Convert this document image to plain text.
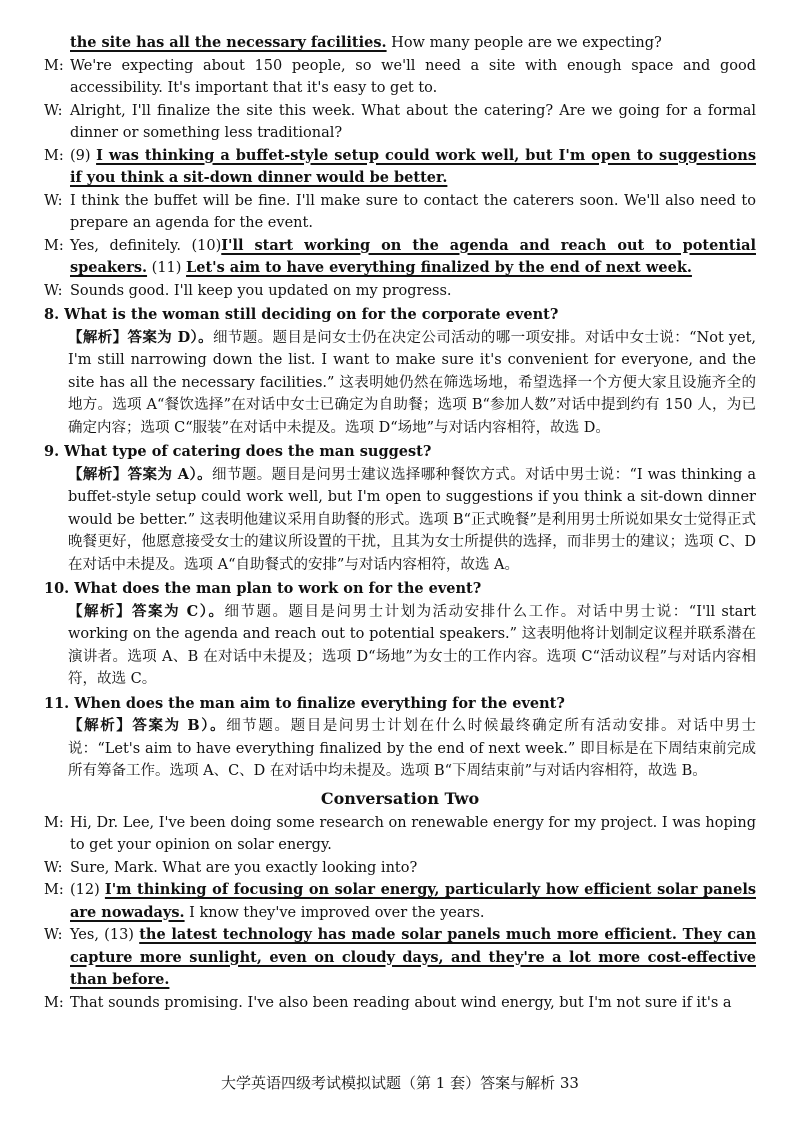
the site has all the necessary facilities. How many people are we expecting?
M: We're expecting about 150 people, so we'll need a site with enough space and good accessibility. It's important that it's easy to get to.
W: Alright, I'll finalize the site this week. What about the catering? Are we going for a formal dinner or something less traditional?
M: (9) I was thinking a buffet-style setup could work well, but I'm open to suggestions if you think a sit-down dinner would be better.
W: I think the buffet will be fine. I'll make sure to contact the caterers soon. We'll also need to prepare an agenda for the event.
M: Yes, definitely. (10)I'll start working on the agenda and reach out to potential speakers. (11) Let's aim to have everything finalized by the end of next week.
W: Sounds good. I'll keep you updated on my progress.
8. What is the woman still deciding on for the corporate event?
【解析】答案为 D）。细节题。题目是问女士仍在决定公司活动的哪一项安排。对话中女士说：“Not yet, I'm still narrowing down the list. I want to make sure it's convenient for everyone, and the site has all the necessary facilities.” 这表明她仍然在筛选场地，希望选择一个方便大家且设施齐全的地方。选项 A“餐饮选择”在对话中女士已确定为自助餐；选项 B“参加人数”对话中提到约有 150 人，为已确定内容；选项 C“服装”在对话中未提及。选项 D“场地”与对话内容相符，故选 D。
9. What type of catering does the man suggest?
【解析】答案为 A）。细节题。题目是问男士建议选择哪种餐饮方式。对话中男士说：“I was thinking a buffet-style setup could work well, but I'm open to suggestions if you think a sit-down dinner would be better.” 这表明他建议采用自助餐的形式。选项 B“正式晚餐”是利用男士所说如果女士觉得正式晚餐更好，他愿意接受女士的建议所设置的干扰，且其为女士所提供的选择，而非男士的建议；选项 C、D 在对话中未提及。选项 A“自助餐式的安排”与对话内容相符，故选 A。
10. What does the man plan to work on for the event?
【解析】答案为 C）。细节题。题目是问男士计划为活动安排什么工作。对话中男士说：“I'll start working on the agenda and reach out to potential speakers.” 这表明他将计划制定议程并联系潜在演讲者。选项 A、B 在对话中未提及；选项 D“场地”为女士的工作内容。选项 C“活动议程”与对话内容相符，故选 C。
11. When does the man aim to finalize everything for the event?
【解析】答案为 B）。细节题。题目是问男士计划在什么时候最终确定所有活动安排。对话中男士说：“Let's aim to have everything finalized by the end of next week.” 即目标是在下周结束前完成所有筹备工作。选项 A、C、D 在对话中均未提及。选项 B“下周结束前”与对话内容相符，故选 B。
Conversation Two
M: Hi, Dr. Lee, I've been doing some research on renewable energy for my project. I was hoping to get your opinion on solar energy.
W: Sure, Mark. What are you exactly looking into?
M: (12) I'm thinking of focusing on solar energy, particularly how efficient solar panels are nowadays. I know they've improved over the years.
W: Yes, (13) the latest technology has made solar panels much more efficient. They can capture more sunlight, even on cloudy days, and they're a lot more cost-effective than before.
M: That sounds promising. I've also been reading about wind energy, but I'm not sure if it's a
大学英语四级考试模拟试题（第 1 套）答案与解析 33
